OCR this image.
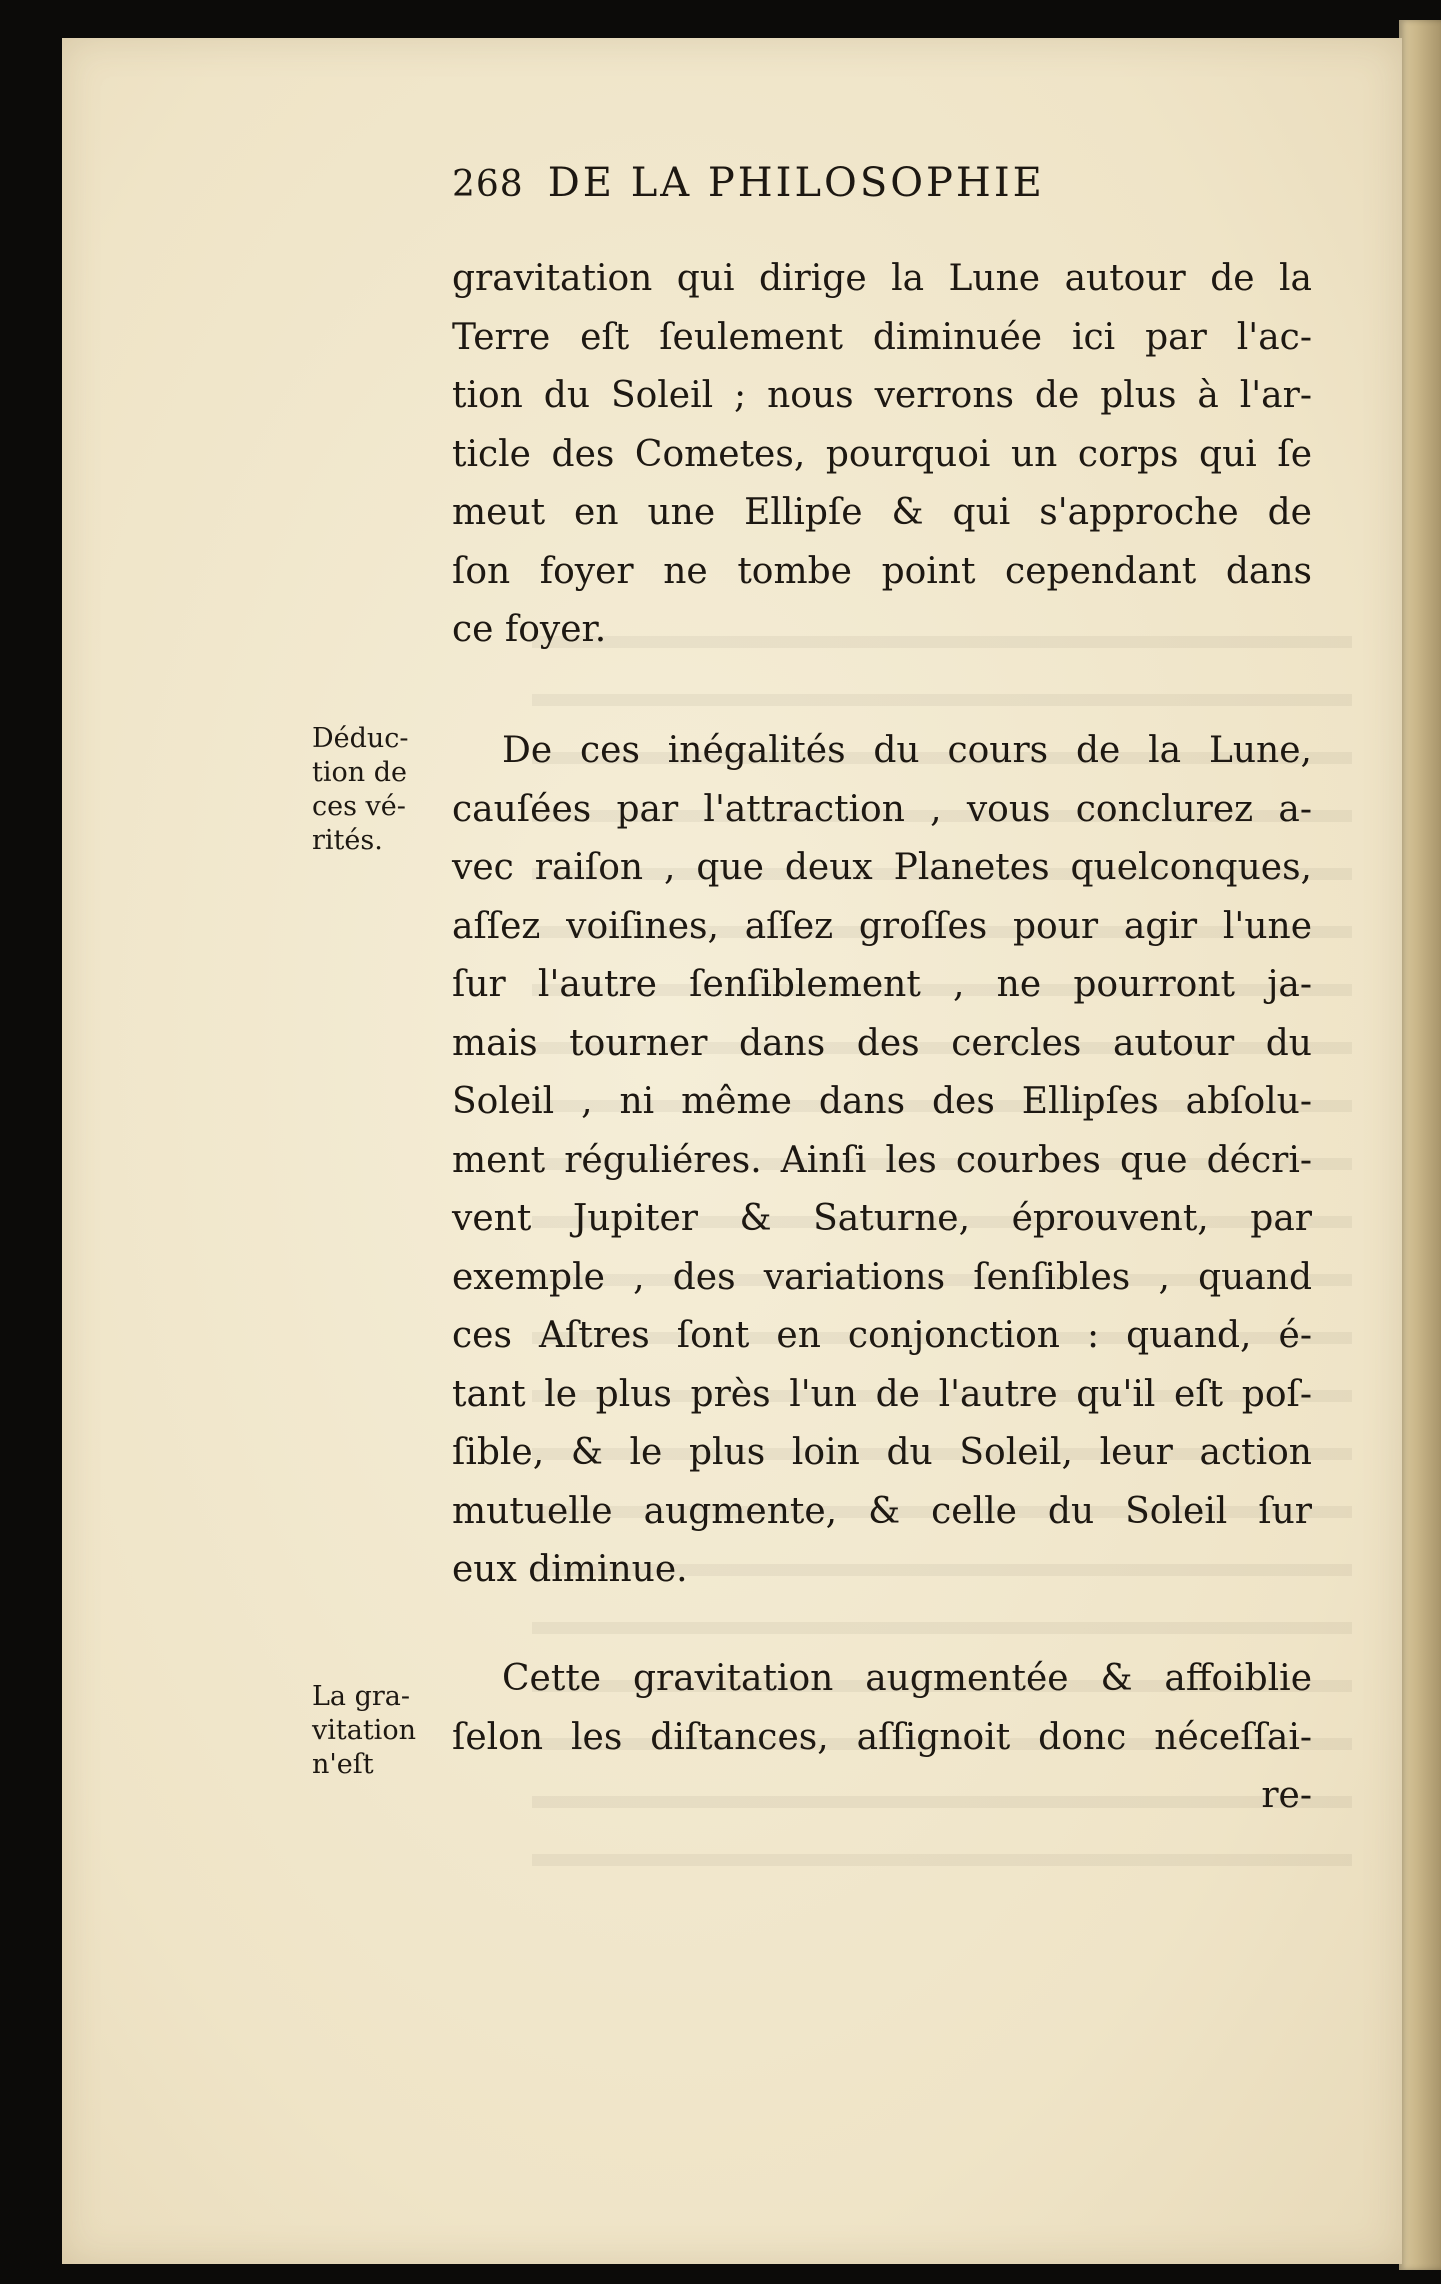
268 DE LA PHILOSOPHIE
gravitation qui dirige la Lune autour de la
Terre eſt ſeulement diminuée ici par l'ac-
tion du Soleil ; nous verrons de plus à l'ar-
ticle des Cometes, pourquoi un corps qui ſe
meut en une Ellipſe & qui s'approche de
ſon foyer ne tombe point cependant dans
ce foyer.
Déduc-
tion de
ces vé-
rités.
De ces inégalités du cours de la Lune,
cauſées par l'attraction , vous conclurez a-
vec raiſon , que deux Planetes quelconques,
aſſez voiſines, aſſez groſſes pour agir l'une
ſur l'autre ſenſiblement , ne pourront ja-
mais tourner dans des cercles autour du
Soleil , ni même dans des Ellipſes abſolu-
ment réguliéres. Ainſi les courbes que décri-
vent Jupiter & Saturne, éprouvent, par
exemple , des variations ſenſibles , quand
ces Aſtres ſont en conjonction : quand, é-
tant le plus près l'un de l'autre qu'il eſt poſ-
ſible, & le plus loin du Soleil, leur action
mutuelle augmente, & celle du Soleil ſur
eux diminue.
La gra-
vitation
n'eſt
Cette gravitation augmentée & affoiblie
ſelon les diſtances, aſſignoit donc néceſſai-
re-
